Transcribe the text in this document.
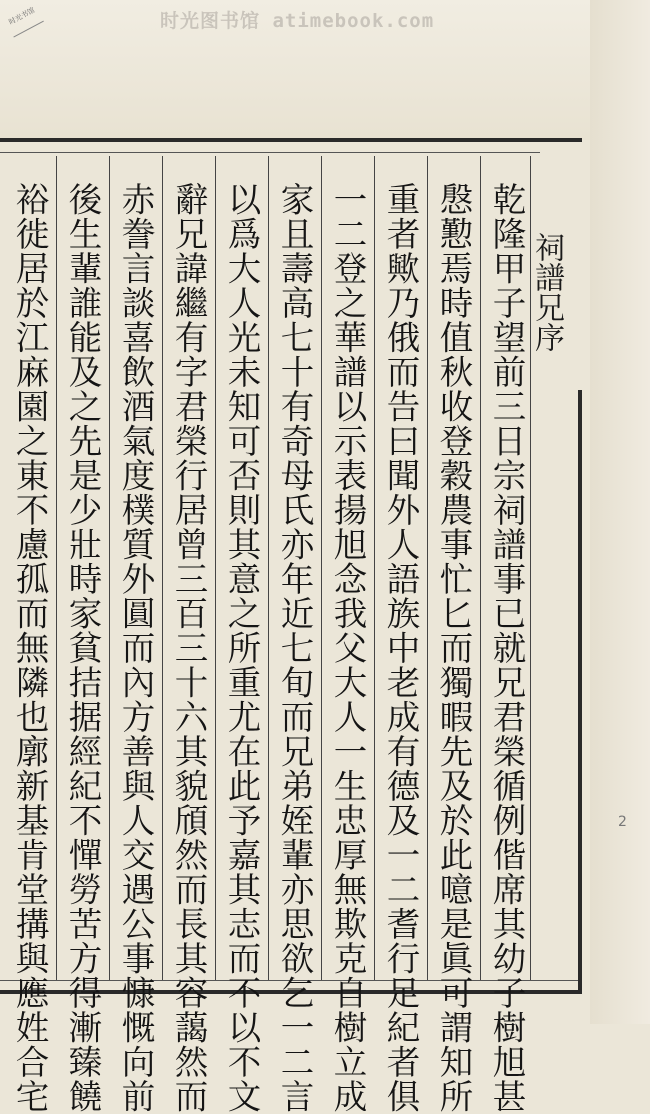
时光书馆	时光图书馆 atimebook.com
祠譜兄序
乾隆甲子望前三日宗祠譜事已就兄君榮循例偕席其幼子樹旭甚
慇懃焉時值秋收登穀農事忙匕而獨暇先及於此噫是眞可謂知所
重者歟乃俄而告曰聞外人語族中老成有德及一二耆行足紀者俱
一二登之華譜以示表揚旭念我父大人一生忠厚無欺克自樹立成
家且壽高七十有奇母氏亦年近七旬而兄弟姪輩亦思欲乞一二言
以爲大人光未知可否則其意之所重尤在此予嘉其志而不以不文
辭兄諱繼有字君榮行居曾三百三十六其貌頎然而長其容藹然而
赤誊言談喜飲酒氣度樸質外圓而內方善與人交遇公事慷慨向前
後生輩誰能及之先是少壯時家貧拮据經紀不憚勞苦方得漸臻饒
裕徙居於江麻園之東不慮孤而無隣也廓新基肯堂搆與應姓合宅	2
